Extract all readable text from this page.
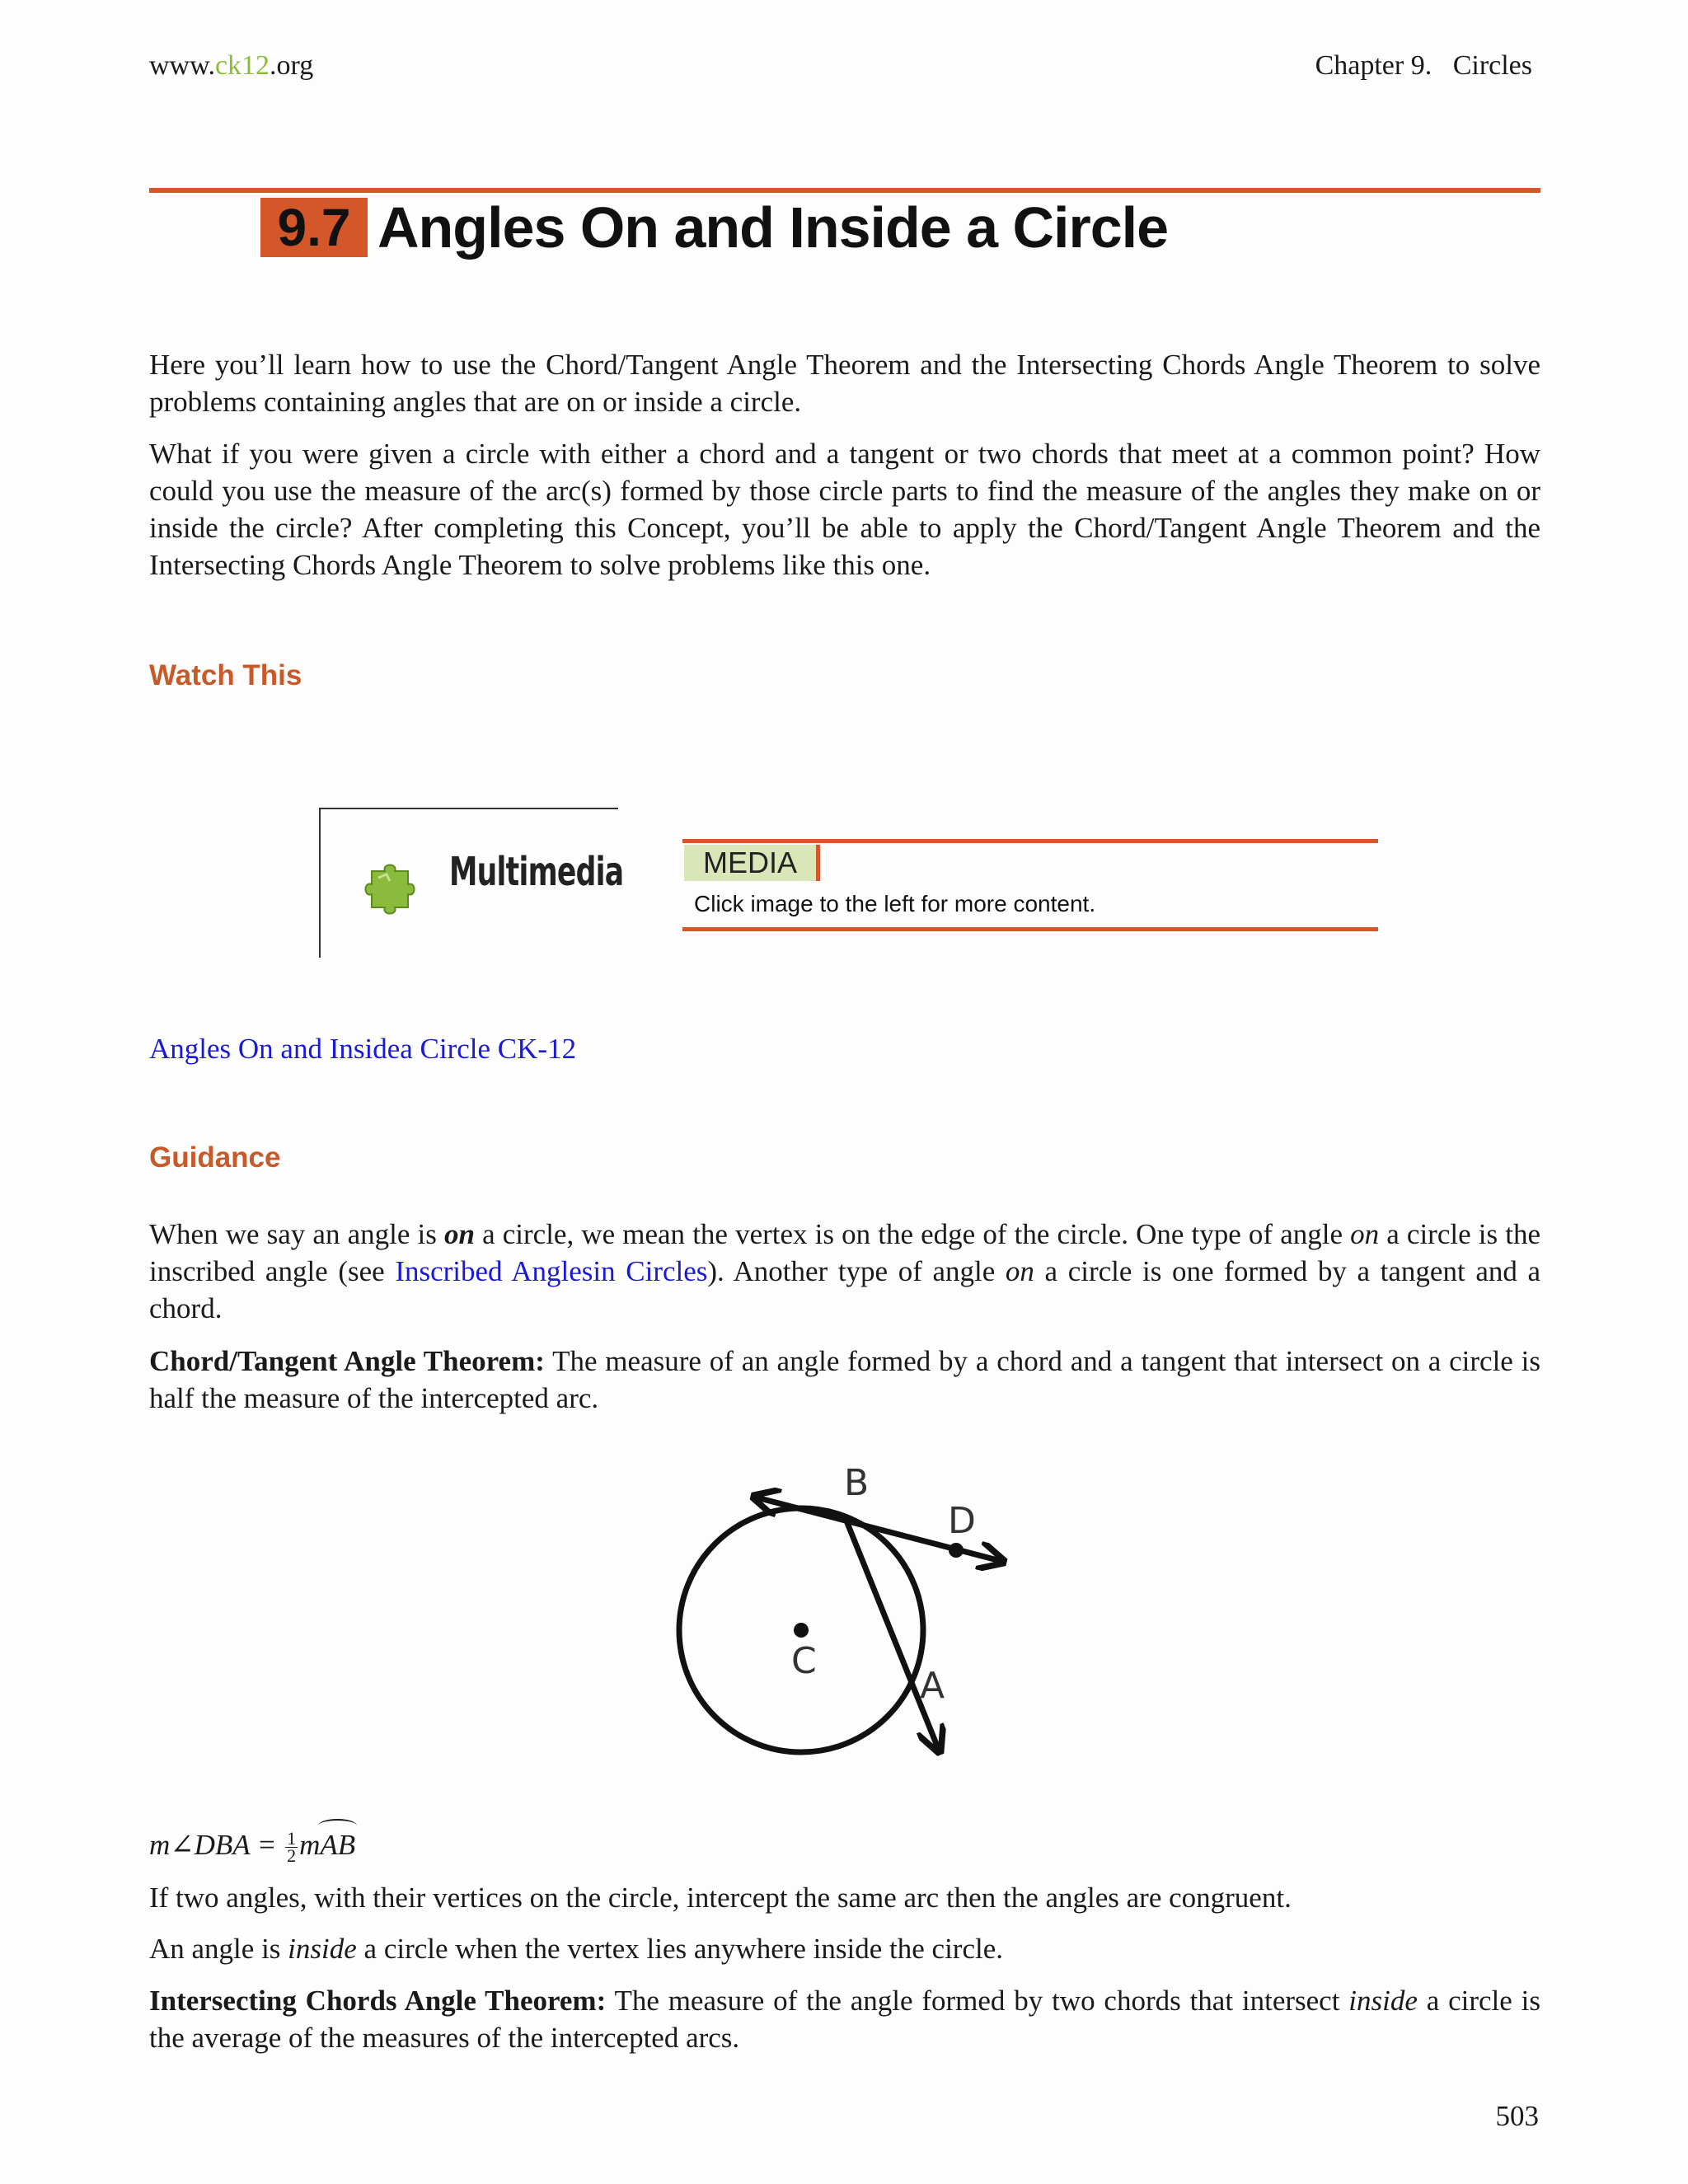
www.ck12.org	Chapter 9.   Circles
9.7 Angles On and Inside a Circle
Here you’ll learn how to use the Chord/Tangent Angle Theorem and the Intersecting Chords Angle Theorem to solve problems containing angles that are on or inside a circle.
What if you were given a circle with either a chord and a tangent or two chords that meet at a common point? How could you use the measure of the arc(s) formed by those circle parts to find the measure of the angles they make on or inside the circle? After completing this Concept, you’ll be able to apply the Chord/Tangent Angle Theorem and the Intersecting Chords Angle Theorem to solve problems like this one.
Watch This
Multimedia	MEDIA
Click image to the left for more content.
Angles On and Insidea Circle CK-12
Guidance
When we say an angle is on a circle, we mean the vertex is on the edge of the circle. One type of angle on a circle is the inscribed angle (see Inscribed Anglesin Circles). Another type of angle on a circle is one formed by a tangent and a chord.
Chord/Tangent Angle Theorem: The measure of an angle formed by a chord and a tangent that intersect on a circle is half the measure of the intercepted arc.
B
D
C
A
m∠DBA = $\frac{1}{2}$ mAB
If two angles, with their vertices on the circle, intercept the same arc then the angles are congruent.
An angle is inside a circle when the vertex lies anywhere inside the circle.
Intersecting Chords Angle Theorem: The measure of the angle formed by two chords that intersect inside a circle is the average of the measures of the intercepted arcs.
503
